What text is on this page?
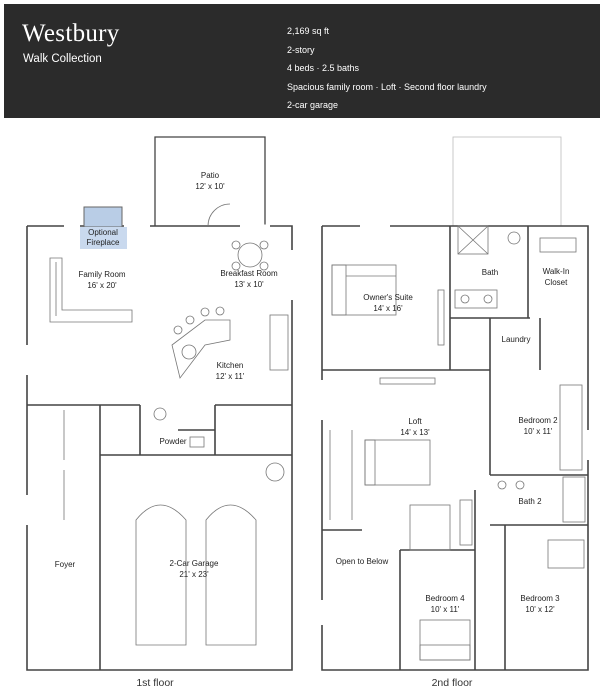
Westbury
Walk Collection
2,169 sq ft
2-story
4 beds · 2.5 baths
Spacious family room · Loft · Second floor laundry
2-car garage
Patio
12' x 10'
Optional
Fireplace
Family Room
16' x 20'
Breakfast Room
13' x 10'
Kitchen
12' x 11'
Powder
Foyer	2-Car Garage
21' x 23'
1st floor
Owner's Suite
14' x 16'
Bath	Walk-In
Closet
Laundry
Loft
14' x 13'
Bedroom 2
10' x 11'
Bath 2
Open to Below
Bedroom 4
10' x 11'
Bedroom 3
10' x 12'
2nd floor
